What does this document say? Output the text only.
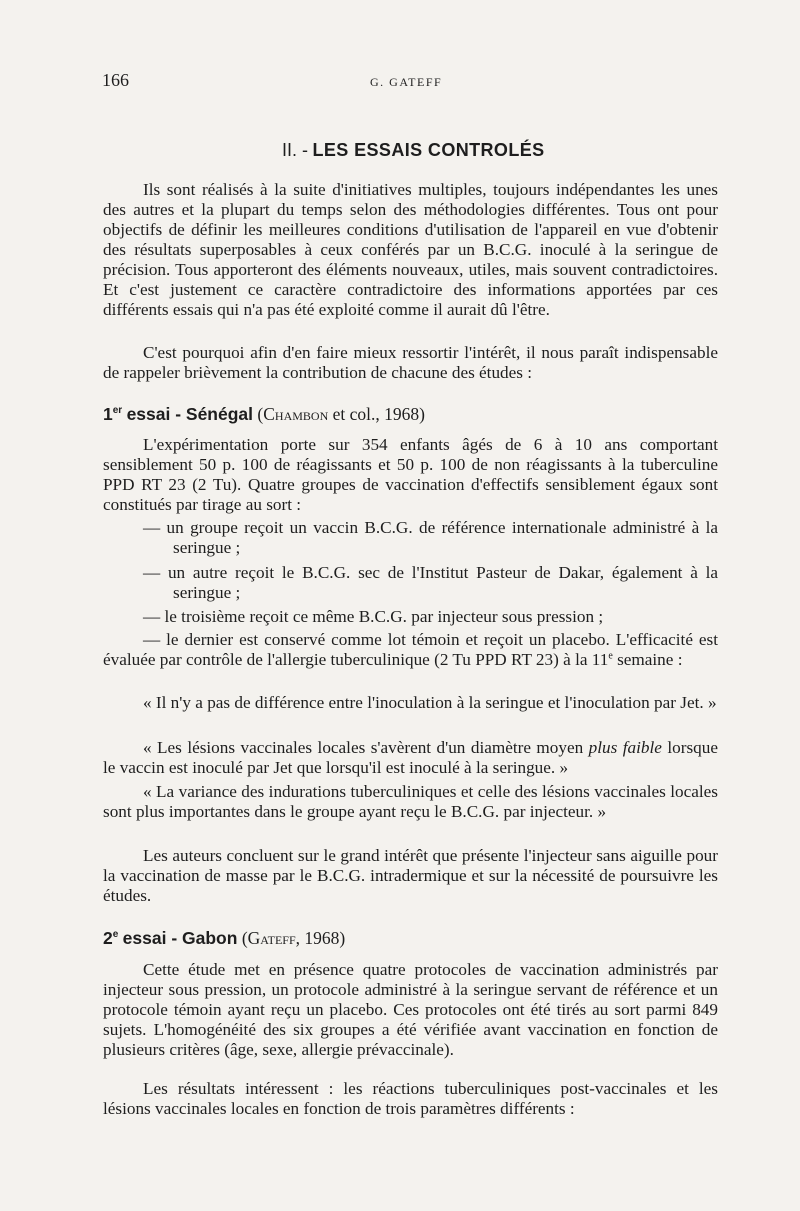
166	G. GATEFF
II. - LES ESSAIS CONTROLÉS

Ils sont réalisés à la suite d'initiatives multiples, toujours indépendantes les unes des autres et la plupart du temps selon des méthodologies différentes. Tous ont pour objectifs de définir les meilleures conditions d'utilisation de l'appareil en vue d'obtenir des résultats superposables à ceux conférés par un B.C.G. inoculé à la seringue de précision. Tous apporteront des éléments nouveaux, utiles, mais souvent contradictoires. Et c'est justement ce caractère contradictoire des informations apportées par ces différents essais qui n'a pas été exploité comme il aurait dû l'être.

C'est pourquoi afin d'en faire mieux ressortir l'intérêt, il nous paraît indispensable de rappeler brièvement la contribution de chacune des études :

1er essai - Sénégal (Chambon et col., 1968)

L'expérimentation porte sur 354 enfants âgés de 6 à 10 ans comportant sensiblement 50 p. 100 de réagissants et 50 p. 100 de non réagissants à la tuberculine PPD RT 23 (2 Tu). Quatre groupes de vaccination d'effectifs sensiblement égaux sont constitués par tirage au sort :

— un groupe reçoit un vaccin B.C.G. de référence internationale administré à la seringue ;
— un autre reçoit le B.C.G. sec de l'Institut Pasteur de Dakar, également à la seringue ;
— le troisième reçoit ce même B.C.G. par injecteur sous pression ;

— le dernier est conservé comme lot témoin et reçoit un placebo. L'efficacité est évaluée par contrôle de l'allergie tuberculinique (2 Tu PPD RT 23) à la 11e semaine :

« Il n'y a pas de différence entre l'inoculation à la seringue et l'inoculation par Jet. »

« Les lésions vaccinales locales s'avèrent d'un diamètre moyen plus faible lorsque le vaccin est inoculé par Jet que lorsqu'il est inoculé à la seringue. »

« La variance des indurations tuberculiniques et celle des lésions vaccinales locales sont plus importantes dans le groupe ayant reçu le B.C.G. par injecteur. »

Les auteurs concluent sur le grand intérêt que présente l'injecteur sans aiguille pour la vaccination de masse par le B.C.G. intradermique et sur la nécessité de poursuivre les études.

2e essai - Gabon (Gateff, 1968)

Cette étude met en présence quatre protocoles de vaccination administrés par injecteur sous pression, un protocole administré à la seringue servant de référence et un protocole témoin ayant reçu un placebo. Ces protocoles ont été tirés au sort parmi 849 sujets. L'homogénéité des six groupes a été vérifiée avant vaccination en fonction de plusieurs critères (âge, sexe, allergie prévaccinale).

Les résultats intéressent : les réactions tuberculiniques post-vaccinales et les lésions vaccinales locales en fonction de trois paramètres différents :
